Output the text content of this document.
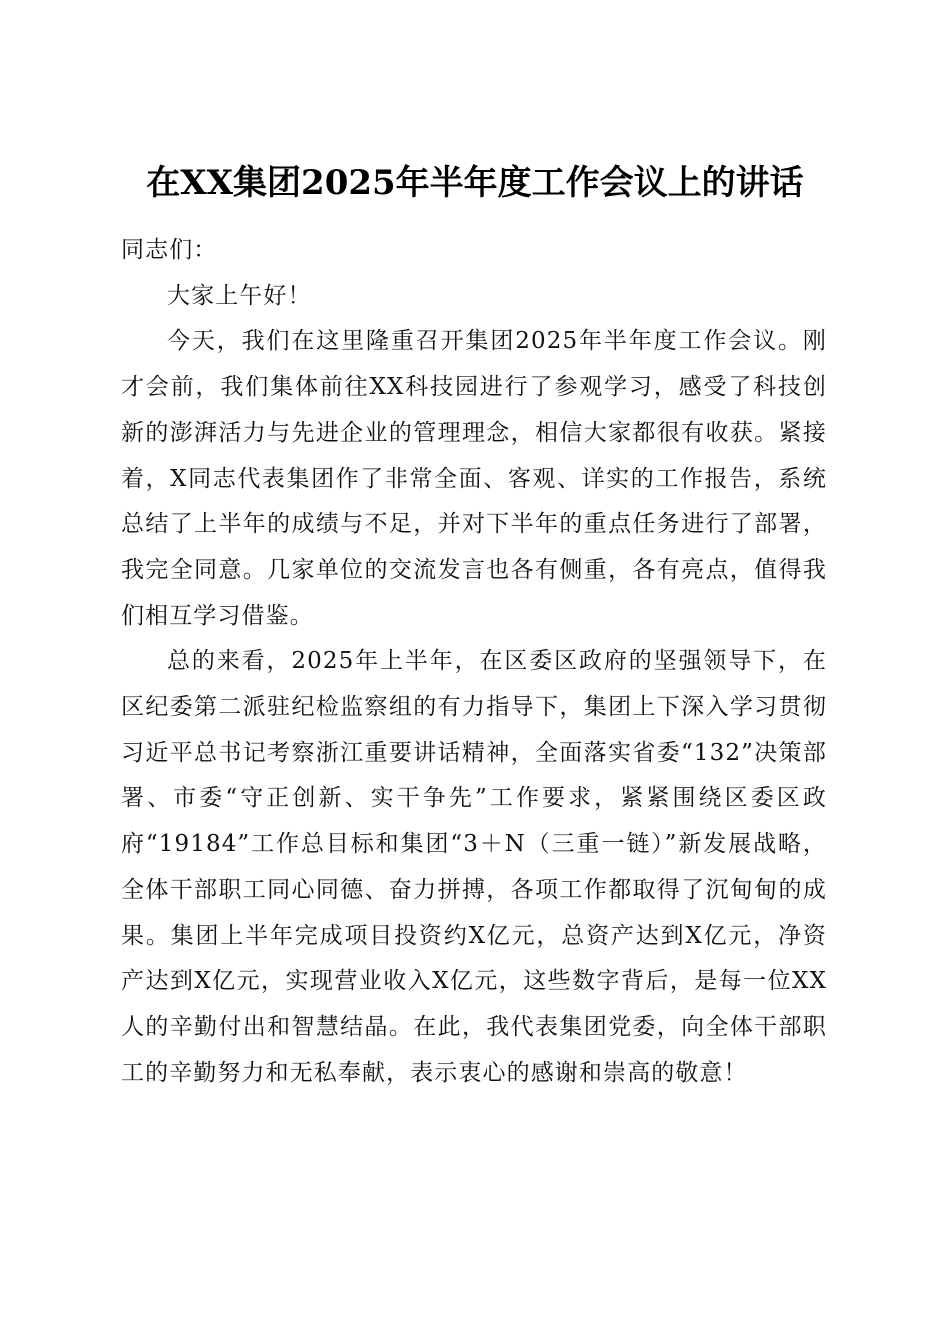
在XX集团2025年半年度工作会议上的讲话

同志们：

大家上午好！

今天，我们在这里隆重召开集团2025年半年度工作会议。刚才会前，我们集体前往XX科技园进行了参观学习，感受了科技创新的澎湃活力与先进企业的管理理念，相信大家都很有收获。紧接着，X同志代表集团作了非常全面、客观、详实的工作报告，系统总结了上半年的成绩与不足，并对下半年的重点任务进行了部署，我完全同意。几家单位的交流发言也各有侧重，各有亮点，值得我们相互学习借鉴。

总的来看，2025年上半年，在区委区政府的坚强领导下，在区纪委第二派驻纪检监察组的有力指导下，集团上下深入学习贯彻习近平总书记考察浙江重要讲话精神，全面落实省委“132”决策部署、市委“守正创新、实干争先”工作要求，紧紧围绕区委区政府“19184”工作总目标和集团“3＋N（三重一链）”新发展战略，全体干部职工同心同德、奋力拼搏，各项工作都取得了沉甸甸的成果。集团上半年完成项目投资约X亿元，总资产达到X亿元，净资产达到X亿元，实现营业收入X亿元，这些数字背后，是每一位XX人的辛勤付出和智慧结晶。在此，我代表集团党委，向全体干部职工的辛勤努力和无私奉献，表示衷心的感谢和崇高的敬意！
